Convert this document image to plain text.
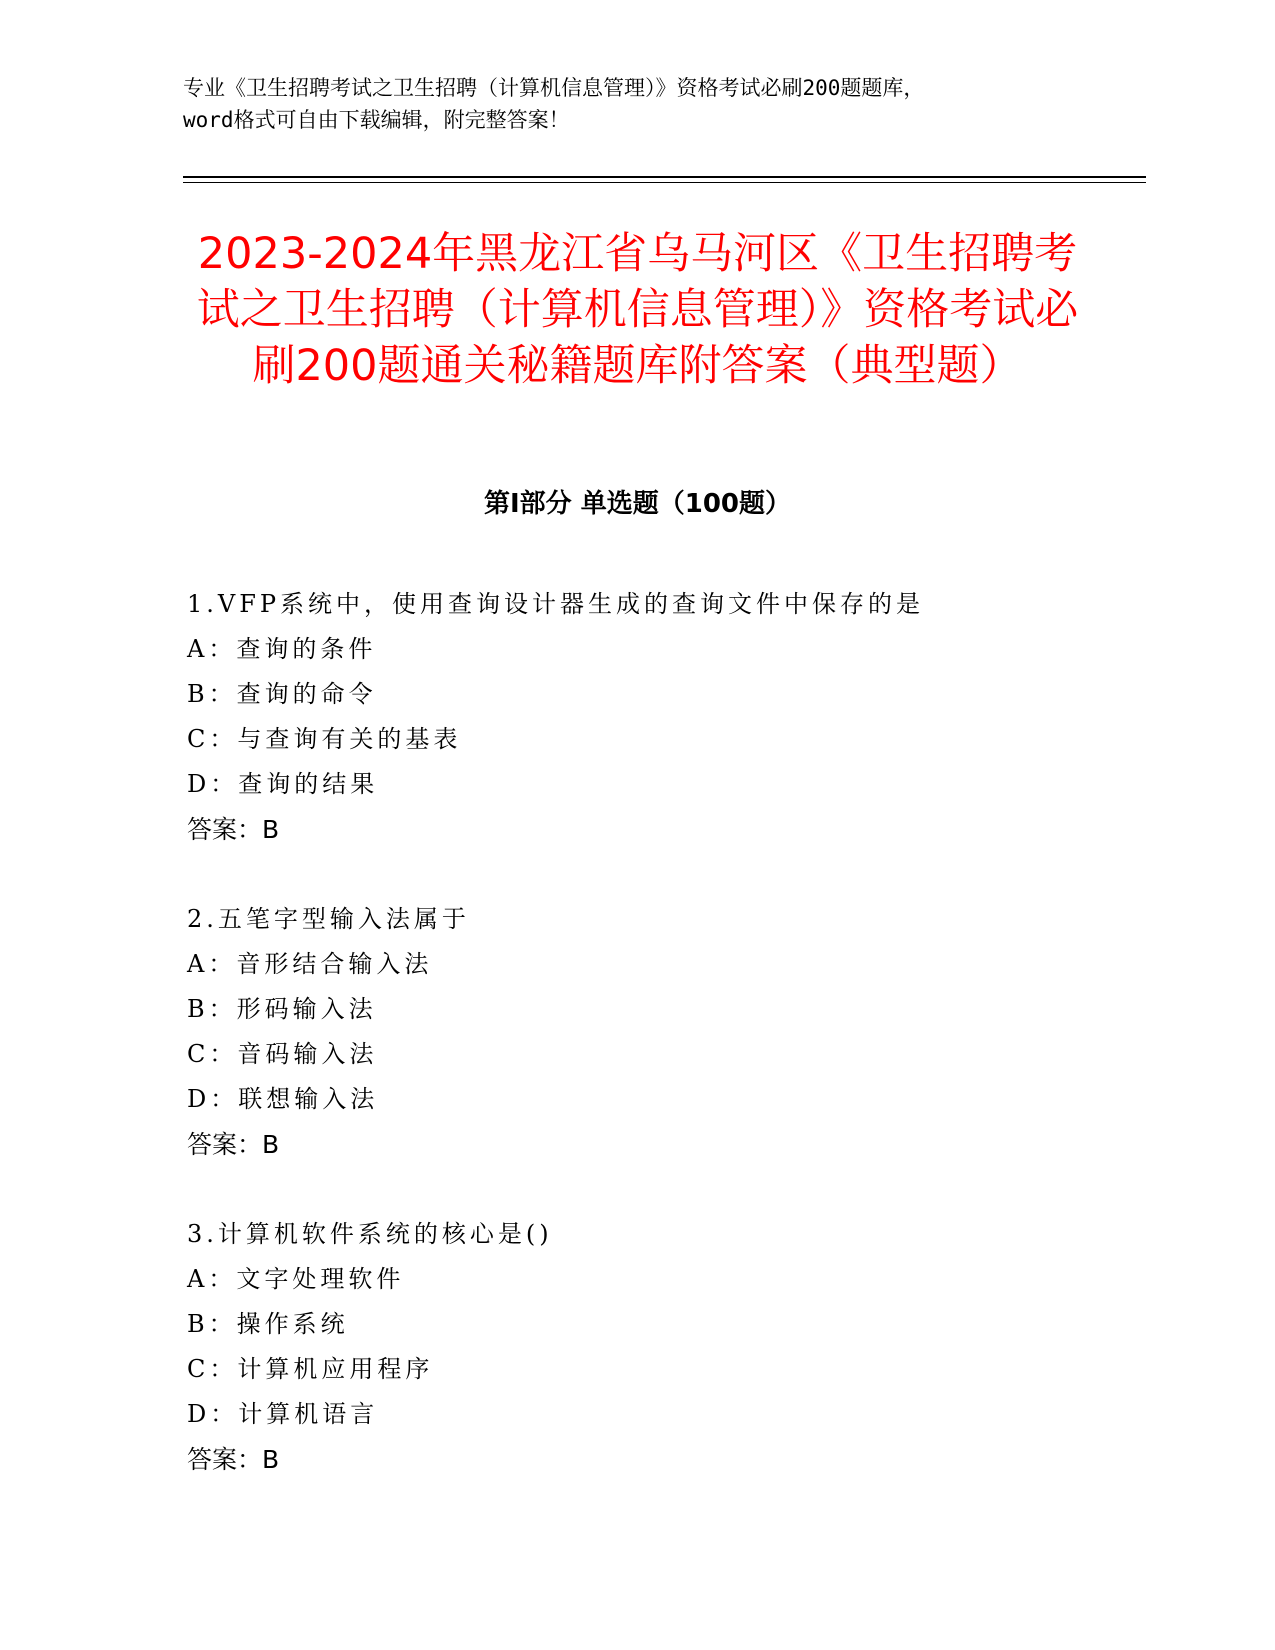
专业《卫生招聘考试之卫生招聘（计算机信息管理）》资格考试必刷200题题库，
word格式可自由下载编辑，附完整答案！
2023-2024年黑龙江省乌马河区《卫生招聘考试之卫生招聘（计算机信息管理）》资格考试必刷200题通关秘籍题库附答案（典型题）
第I部分 单选题（100题）
1.VFP系统中，使用查询设计器生成的查询文件中保存的是
A：查询的条件
B：查询的命令
C：与查询有关的基表
D：查询的结果
答案：B
2.五笔字型输入法属于
A：音形结合输入法
B：形码输入法
C：音码输入法
D：联想输入法
答案：B
3.计算机软件系统的核心是()
A：文字处理软件
B：操作系统
C：计算机应用程序
D：计算机语言
答案：B
